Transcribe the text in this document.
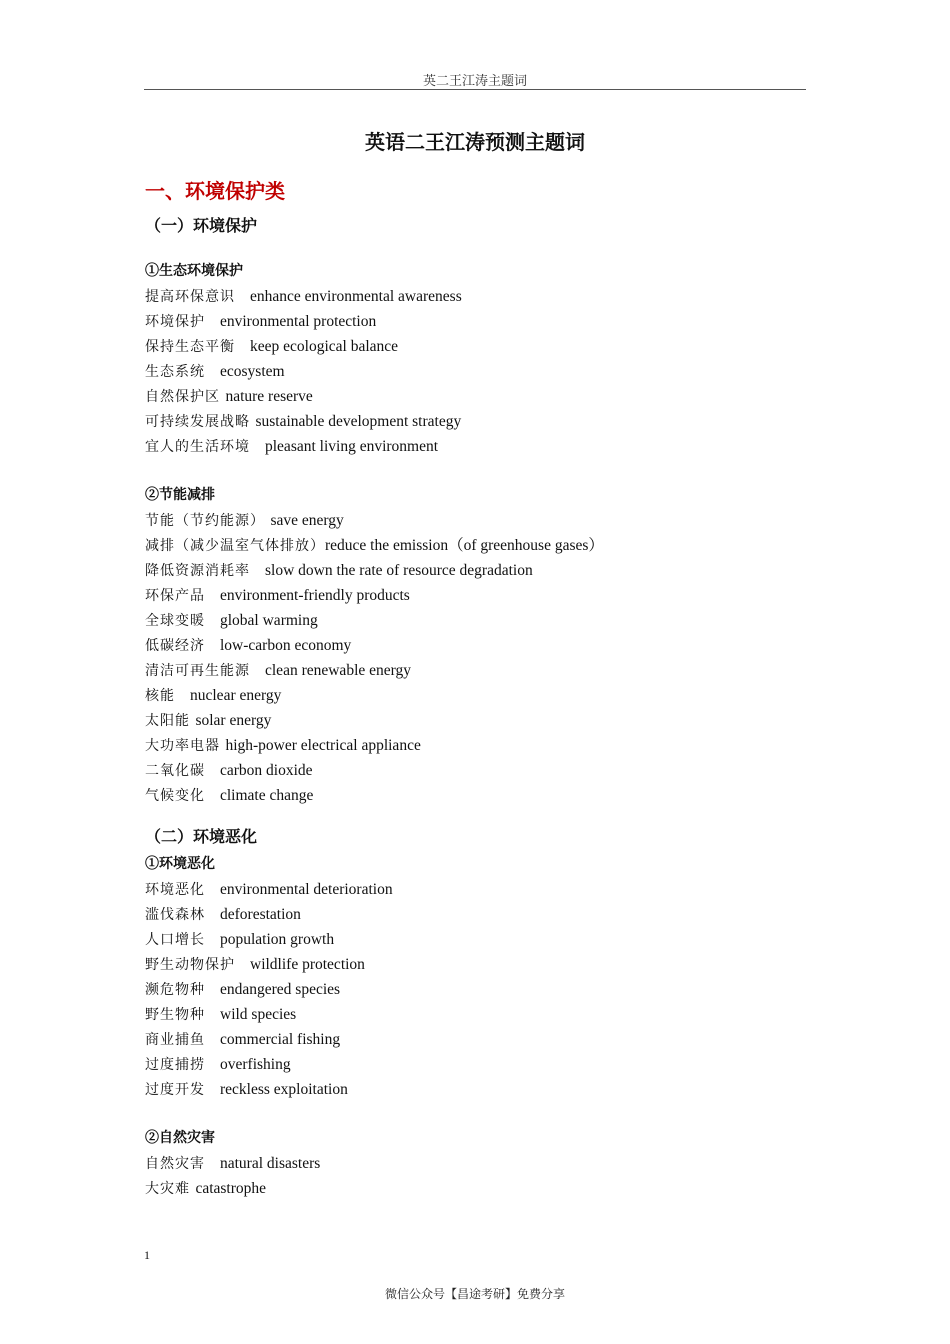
英二王江涛主题词
英语二王江涛预测主题词
一、环境保护类
（一）环境保护
①生态环境保护
提高环保意识　 enhance environmental awareness
环境保护　 environmental protection
保持生态平衡　 keep ecological balance
生态系统　 ecosystem
自然保护区 nature reserve
可持续发展战略 sustainable development strategy
宜人的生活环境　 pleasant living environment
②节能减排
节能（节约能源） save energy
减排（减少温室气体排放）reduce the emission（of greenhouse gases）
降低资源消耗率　 slow down the rate of resource degradation
环保产品　 environment-friendly products
全球变暖　 global warming
低碳经济　 low-carbon economy
清洁可再生能源　 clean renewable energy
核能　 nuclear energy
太阳能 solar energy
大功率电器 high-power electrical appliance
二氧化碳　 carbon dioxide
气候变化　 climate change
（二）环境恶化
①环境恶化
环境恶化　 environmental deterioration
滥伐森林　 deforestation
人口增长　 population growth
野生动物保护　 wildlife protection
濒危物种　 endangered species
野生物种　 wild species
商业捕鱼　 commercial fishing
过度捕捞　 overfishing
过度开发　 reckless exploitation
②自然灾害
自然灾害　 natural disasters
大灾难 catastrophe
1
微信公众号【昌途考研】免费分享
